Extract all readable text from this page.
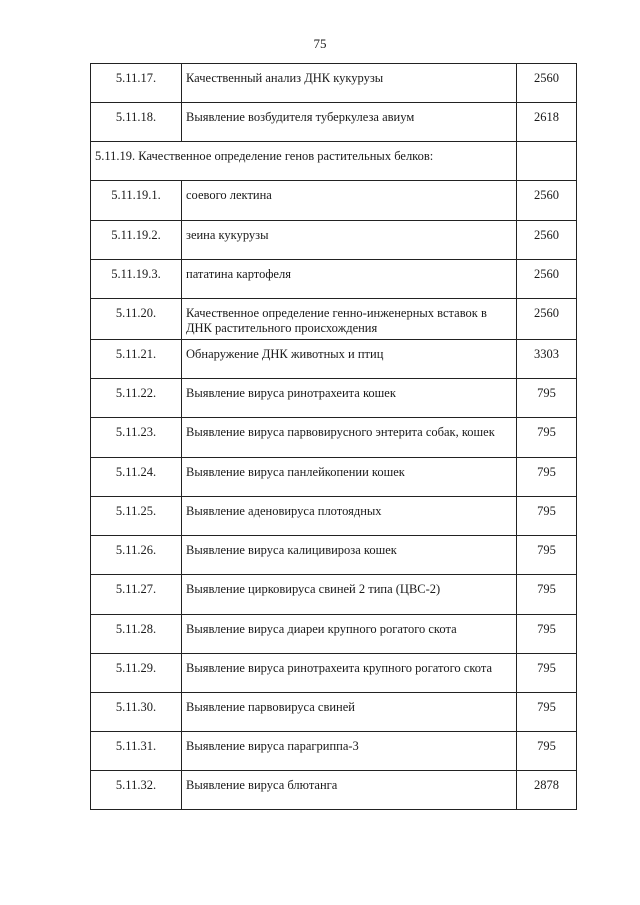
75
5.11.17.	Качественный анализ ДНК кукурузы	2560
5.11.18.	Выявление возбудителя туберкулеза авиум	2618
5.11.19. Качественное определение генов растительных белков:		
5.11.19.1.	соевого лектина	2560
5.11.19.2.	зеина кукурузы	2560
5.11.19.3.	пататина картофеля	2560
5.11.20.	Качественное определение генно-инженерных вставок в ДНК растительного происхождения	2560
5.11.21.	Обнаружение ДНК животных и птиц	3303
5.11.22.	Выявление вируса ринотрахеита кошек	795
5.11.23.	Выявление вируса парвовирусного энтерита собак, кошек	795
5.11.24.	Выявление вируса панлейкопении кошек	795
5.11.25.	Выявление аденовируса плотоядных	795
5.11.26.	Выявление вируса калицивироза кошек	795
5.11.27.	Выявление цирковируса свиней 2 типа (ЦВС-2)	795
5.11.28.	Выявление вируса диареи крупного рогатого скота	795
5.11.29.	Выявление вируса ринотрахеита крупного рогатого скота	795
5.11.30.	Выявление парвовируса свиней	795
5.11.31.	Выявление вируса парагриппа-3	795
5.11.32.	Выявление вируса блютанга	2878
